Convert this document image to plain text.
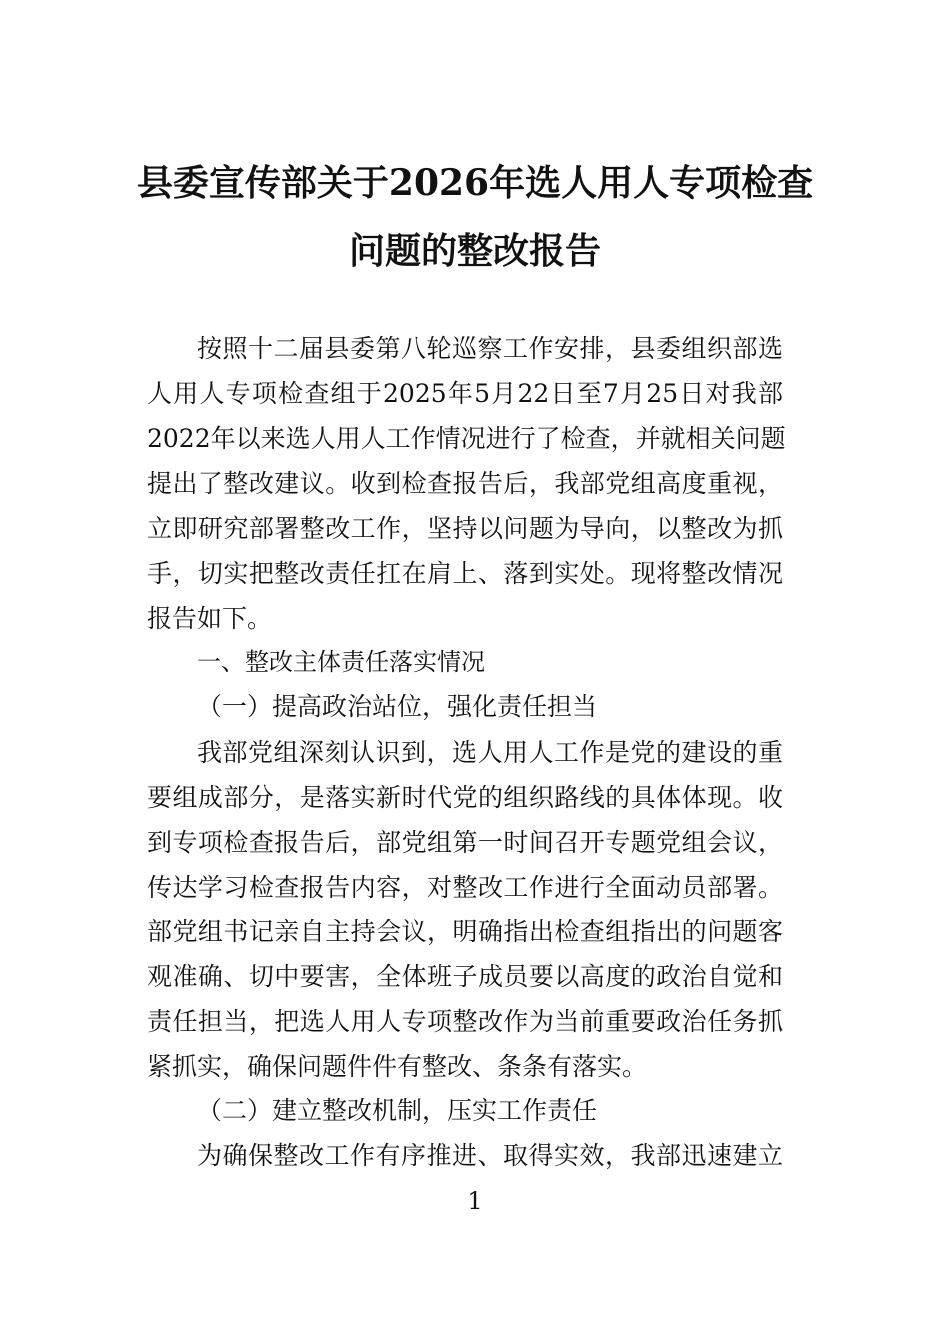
县委宣传部关于2026年选人用人专项检查
问题的整改报告
按照十二届县委第八轮巡察工作安排，县委组织部选
人用人专项检查组于2025年5月22日至7月25日对我部
2022年以来选人用人工作情况进行了检查，并就相关问题
提出了整改建议。收到检查报告后，我部党组高度重视，
立即研究部署整改工作，坚持以问题为导向，以整改为抓
手，切实把整改责任扛在肩上、落到实处。现将整改情况
报告如下。
一、整改主体责任落实情况
（一）提高政治站位，强化责任担当
我部党组深刻认识到，选人用人工作是党的建设的重
要组成部分，是落实新时代党的组织路线的具体体现。收
到专项检查报告后，部党组第一时间召开专题党组会议，
传达学习检查报告内容，对整改工作进行全面动员部署。
部党组书记亲自主持会议，明确指出检查组指出的问题客
观准确、切中要害，全体班子成员要以高度的政治自觉和
责任担当，把选人用人专项整改作为当前重要政治任务抓
紧抓实，确保问题件件有整改、条条有落实。
（二）建立整改机制，压实工作责任
为确保整改工作有序推进、取得实效，我部迅速建立
1
